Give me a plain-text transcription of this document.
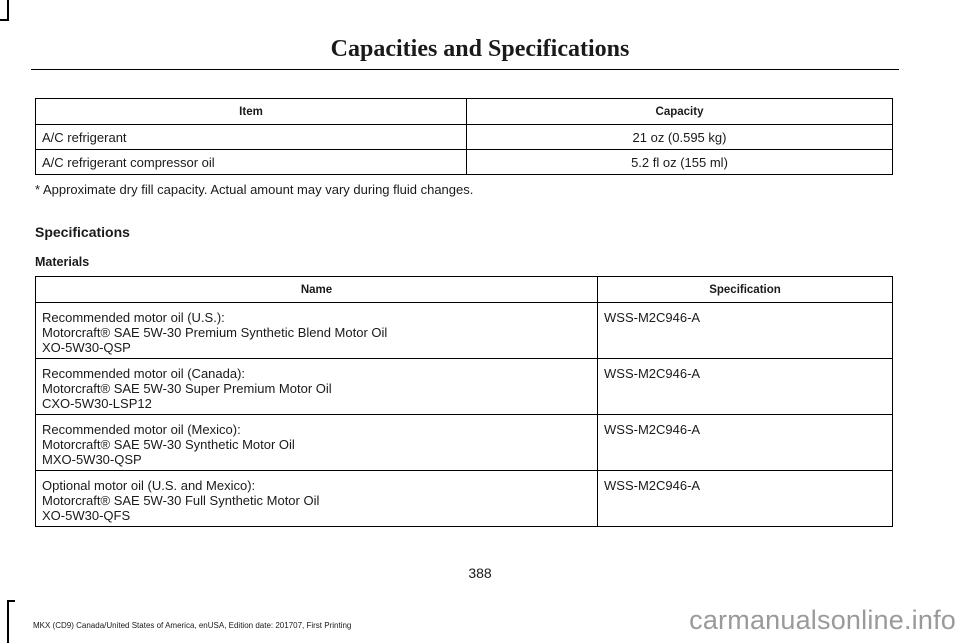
Capacities and Specifications
Item	Capacity
A/C refrigerant	21 oz (0.595 kg)
A/C refrigerant compressor oil	5.2 fl oz (155 ml)
* Approximate dry fill capacity. Actual amount may vary during fluid changes.
Specifications
Materials
Name	Specification

Recommended motor oil (U.S.):
Motorcraft® SAE 5W-30 Premium Synthetic Blend Motor Oil
XO-5W30-QSP	WSS-M2C946-A

Recommended motor oil (Canada):
Motorcraft® SAE 5W-30 Super Premium Motor Oil
CXO-5W30-LSP12	WSS-M2C946-A

Recommended motor oil (Mexico):
Motorcraft® SAE 5W-30 Synthetic Motor Oil
MXO-5W30-QSP	WSS-M2C946-A

Optional motor oil (U.S. and Mexico):
Motorcraft® SAE 5W-30 Full Synthetic Motor Oil
XO-5W30-QFS	WSS-M2C946-A
388
MKX (CD9) Canada/United States of America, enUSA, Edition date: 201707, First Printing	carmanualsonline.info
